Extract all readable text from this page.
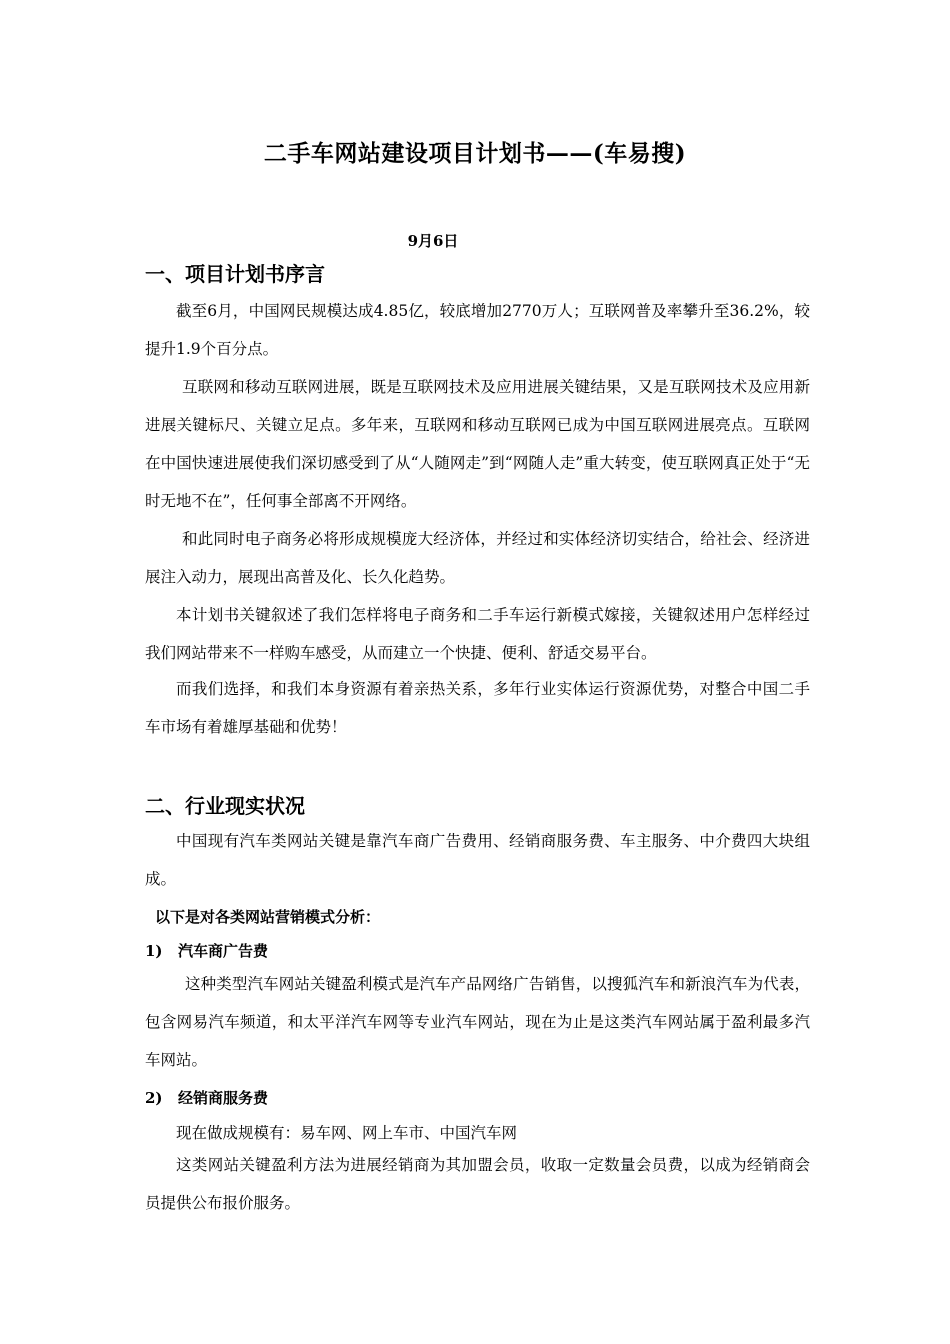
二手车网站建设项目计划书——(车易搜)
9月6日
一、项目计划书序言

截至6月，中国网民规模达成4.85亿，较底增加2770万人；互联网普及率攀升至36.2%，较提升1.9个百分点。

互联网和移动互联网进展，既是互联网技术及应用进展关键结果，又是互联网技术及应用新进展关键标尺、关键立足点。多年来，互联网和移动互联网已成为中国互联网进展亮点。互联网在中国快速进展使我们深切感受到了从“人随网走”到“网随人走”重大转变，使互联网真正处于“无时无地不在”，任何事全部离不开网络。

和此同时电子商务必将形成规模庞大经济体，并经过和实体经济切实结合，给社会、经济进展注入动力，展现出高普及化、长久化趋势。

本计划书关键叙述了我们怎样将电子商务和二手车运行新模式嫁接，关键叙述用户怎样经过我们网站带来不一样购车感受，从而建立一个快捷、便利、舒适交易平台。

而我们选择，和我们本身资源有着亲热关系，多年行业实体运行资源优势，对整合中国二手车市场有着雄厚基础和优势！

二、行业现实状况

中国现有汽车类网站关键是靠汽车商广告费用、经销商服务费、车主服务、中介费四大块组成。

以下是对各类网站营销模式分析：
1) 汽车商广告费

这种类型汽车网站关键盈利模式是汽车产品网络广告销售，以搜狐汽车和新浪汽车为代表，包含网易汽车频道，和太平洋汽车网等专业汽车网站，现在为止是这类汽车网站属于盈利最多汽车网站。

2) 经销商服务费
现在做成规模有：易车网、网上车市、中国汽车网

这类网站关键盈利方法为进展经销商为其加盟会员，收取一定数量会员费，以成为经销商会员提供公布报价服务。
